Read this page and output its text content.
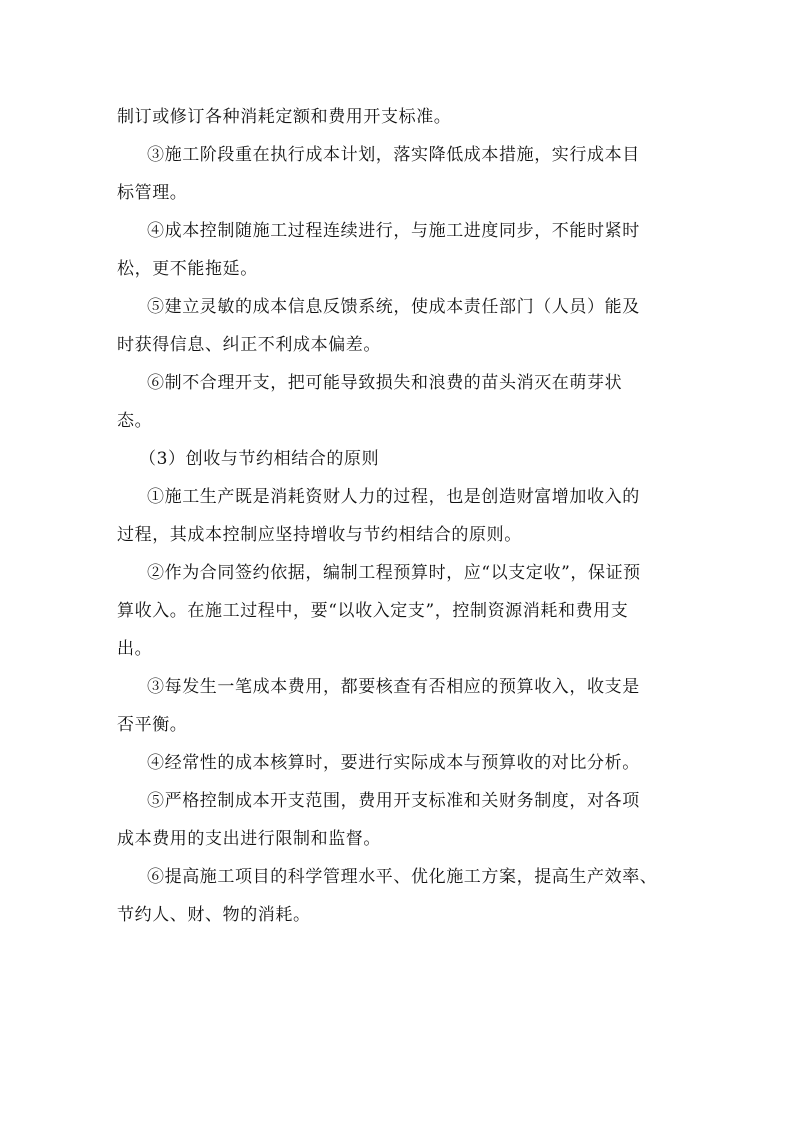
制订或修订各种消耗定额和费用开支标准。
③施工阶段重在执行成本计划，落实降低成本措施，实行成本目
标管理。
④成本控制随施工过程连续进行，与施工进度同步，不能时紧时
松，更不能拖延。
⑤建立灵敏的成本信息反馈系统，使成本责任部门（人员）能及
时获得信息、纠正不利成本偏差。
⑥制不合理开支，把可能导致损失和浪费的苗头消灭在萌芽状
态。
（3）创收与节约相结合的原则
①施工生产既是消耗资财人力的过程，也是创造财富增加收入的
过程，其成本控制应坚持增收与节约相结合的原则。
②作为合同签约依据，编制工程预算时，应“以支定收”，保证预
算收入。在施工过程中，要“以收入定支”，控制资源消耗和费用支
出。
③每发生一笔成本费用，都要核查有否相应的预算收入，收支是
否平衡。
④经常性的成本核算时，要进行实际成本与预算收的对比分析。
⑤严格控制成本开支范围，费用开支标准和关财务制度，对各项
成本费用的支出进行限制和监督。
⑥提高施工项目的科学管理水平、优化施工方案，提高生产效率、
节约人、财、物的消耗。
